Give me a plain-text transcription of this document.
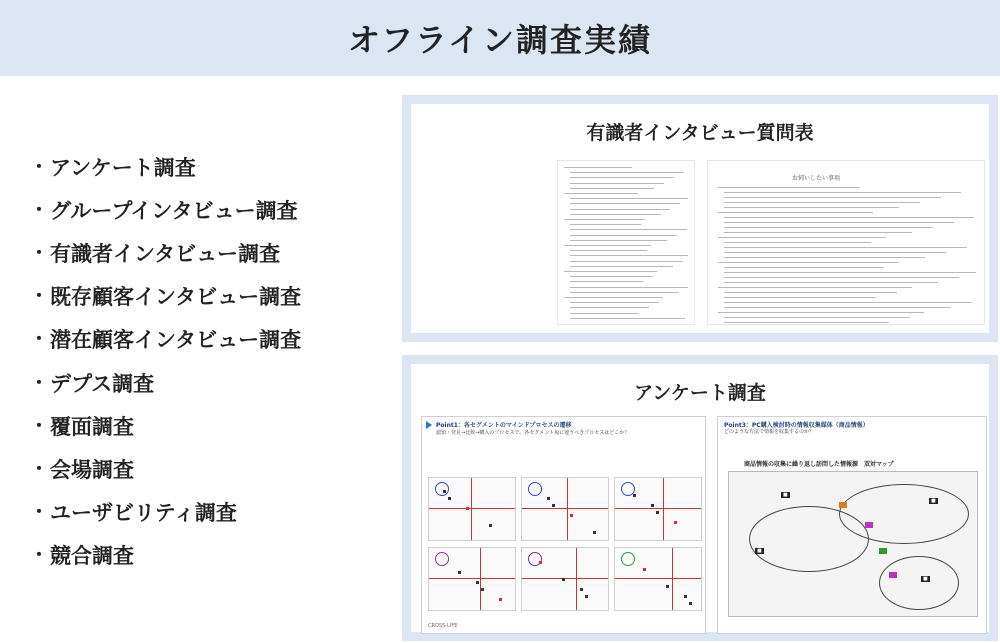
オフライン調査実績
・ アンケート調査
・ グループインタビュー調査
・ 有識者インタビュー調査
・ 既存顧客インタビュー調査
・ 潜在顧客インタビュー調査
・ デプス調査
・ 覆面調査
・ 会場調査
・ ユーザビリティ調査
・ 競合調査
有識者インタビュー質問表
お伺いしたい事項
アンケート調査
Point1：各セグメントのマインドプロセスの遷移
認知・発見→比較→購入のプロセスで、各セグメント毎に違うべきプロセスはどこか？
CROSS-LIFE
Point3：PC購入検討時の情報収集媒体（商品情報）
どのような方法で情報を収集するのか？
商品情報の収集に繰り返し訪問した情報源　双対マップ
■
■
■
■
